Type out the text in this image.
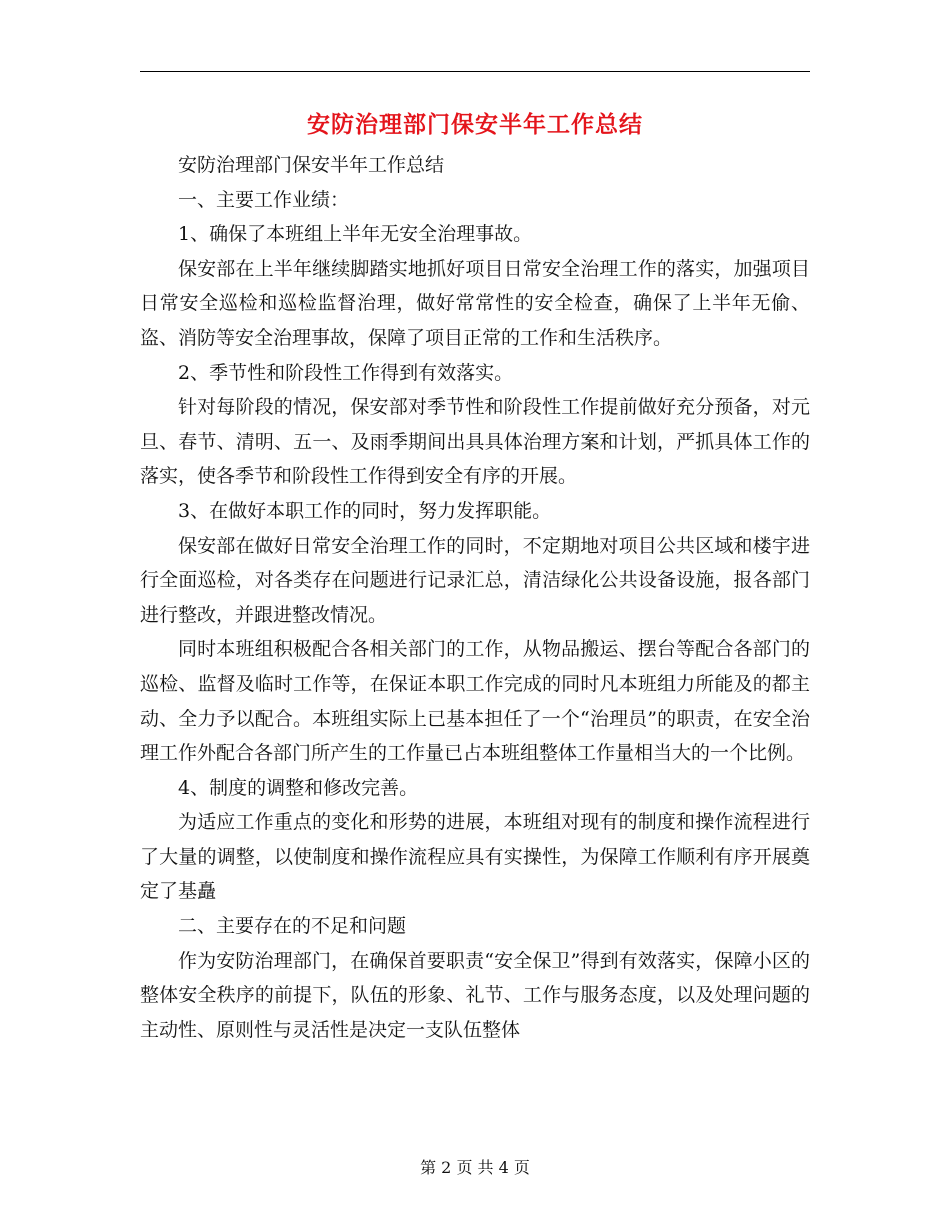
安防治理部门保安半年工作总结

安防治理部门保安半年工作总结

一、主要工作业绩：

1、确保了本班组上半年无安全治理事故。

保安部在上半年继续脚踏实地抓好项目日常安全治理工作的落实，加强项目日常安全巡检和巡检监督治理，做好常常性的安全检查，确保了上半年无偷、盗、消防等安全治理事故，保障了项目正常的工作和生活秩序。

2、季节性和阶段性工作得到有效落实。

针对每阶段的情况，保安部对季节性和阶段性工作提前做好充分预备，对元旦、春节、清明、五一、及雨季期间出具具体治理方案和计划，严抓具体工作的落实，使各季节和阶段性工作得到安全有序的开展。

3、在做好本职工作的同时，努力发挥职能。

保安部在做好日常安全治理工作的同时，不定期地对项目公共区域和楼宇进行全面巡检，对各类存在问题进行记录汇总，清洁绿化公共设备设施，报各部门进行整改，并跟进整改情况。

同时本班组积极配合各相关部门的工作，从物品搬运、摆台等配合各部门的巡检、监督及临时工作等，在保证本职工作完成的同时凡本班组力所能及的都主动、全力予以配合。本班组实际上已基本担任了一个“治理员”的职责，在安全治理工作外配合各部门所产生的工作量已占本班组整体工作量相当大的一个比例。

4、制度的调整和修改完善。

为适应工作重点的变化和形势的进展，本班组对现有的制度和操作流程进行了大量的调整，以使制度和操作流程应具有实操性，为保障工作顺利有序开展奠定了基矗

二、主要存在的不足和问题

作为安防治理部门，在确保首要职责“安全保卫”得到有效落实，保障小区的整体安全秩序的前提下，队伍的形象、礼节、工作与服务态度，以及处理问题的主动性、原则性与灵活性是决定一支队伍整体

第 2 页 共 4 页
